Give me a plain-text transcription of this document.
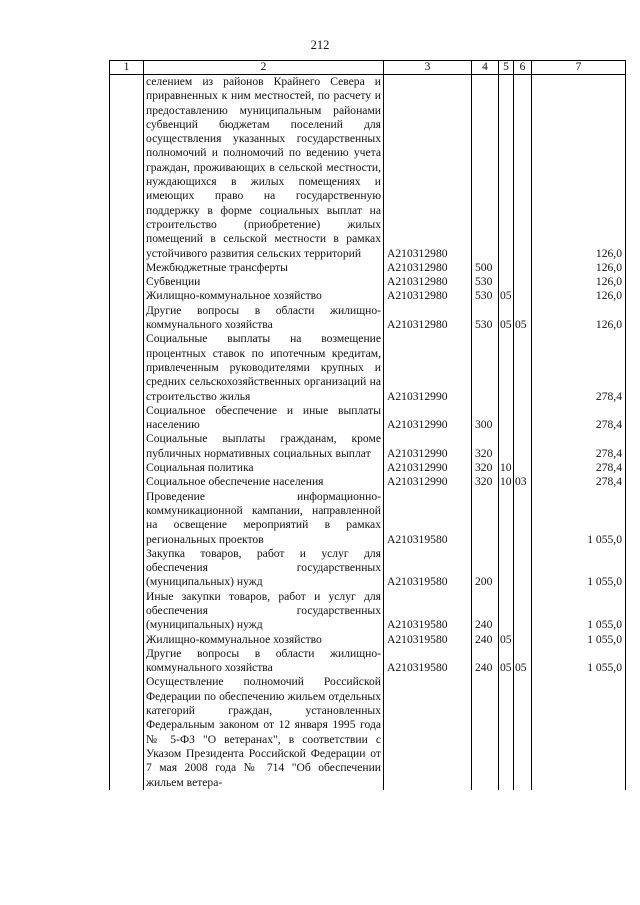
212
1	2	3	4	5	6	7
	селением из районов Крайнего Севера и приравненных к ним местностей, по расчету и предоставлению муниципальным районами субвенций бюджетам поселений для осуществления указанных государственных полномочий и полномочий по ведению учета граждан, проживающих в сельской местности, нуждающихся в жилых помещениях и имеющих право на государственную поддержку в форме социальных выплат на строительство (приобретение) жилых помещений в сельской местности в рамках устойчивого развития сельских территорий	А210312980				126,0
	Межбюджетные трансферты	А210312980	500			126,0
	Субвенции	А210312980	530			126,0
	Жилищно-коммунальное хозяйство	А210312980	530	05		126,0
	Другие вопросы в области жилищно-коммунального хозяйства	А210312980	530	05	05	126,0
	Социальные выплаты на возмещение процентных ставок по ипотечным кредитам, привлеченным руководителями крупных и средних сельскохозяйственных организаций на строительство жилья	А210312990				278,4
	Социальное обеспечение и иные выплаты населению	А210312990	300			278,4
	Социальные выплаты гражданам, кроме публичных нормативных социальных выплат	А210312990	320			278,4
	Социальная политика	А210312990	320	10		278,4
	Социальное обеспечение населения	А210312990	320	10	03	278,4
	Проведение информационно-коммуникационной кампании, направленной на освещение мероприятий в рамках региональных проектов	А210319580				1 055,0
	Закупка товаров, работ и услуг для обеспечения государственных (муниципальных) нужд	А210319580	200			1 055,0
	Иные закупки товаров, работ и услуг для обеспечения государственных (муниципальных) нужд	А210319580	240			1 055,0
	Жилищно-коммунальное хозяйство	А210319580	240	05		1 055,0
	Другие вопросы в области жилищно-коммунального хозяйства	А210319580	240	05	05	1 055,0
	Осуществление полномочий Российской Федерации по обеспечению жильем отдельных категорий граждан, установленных Федеральным законом от 12 января 1995 года № 5-ФЗ "О ветеранах", в соответствии с Указом Президента Российской Федерации от 7 мая 2008 года № 714 "Об обеспечении жильем ветера-					
